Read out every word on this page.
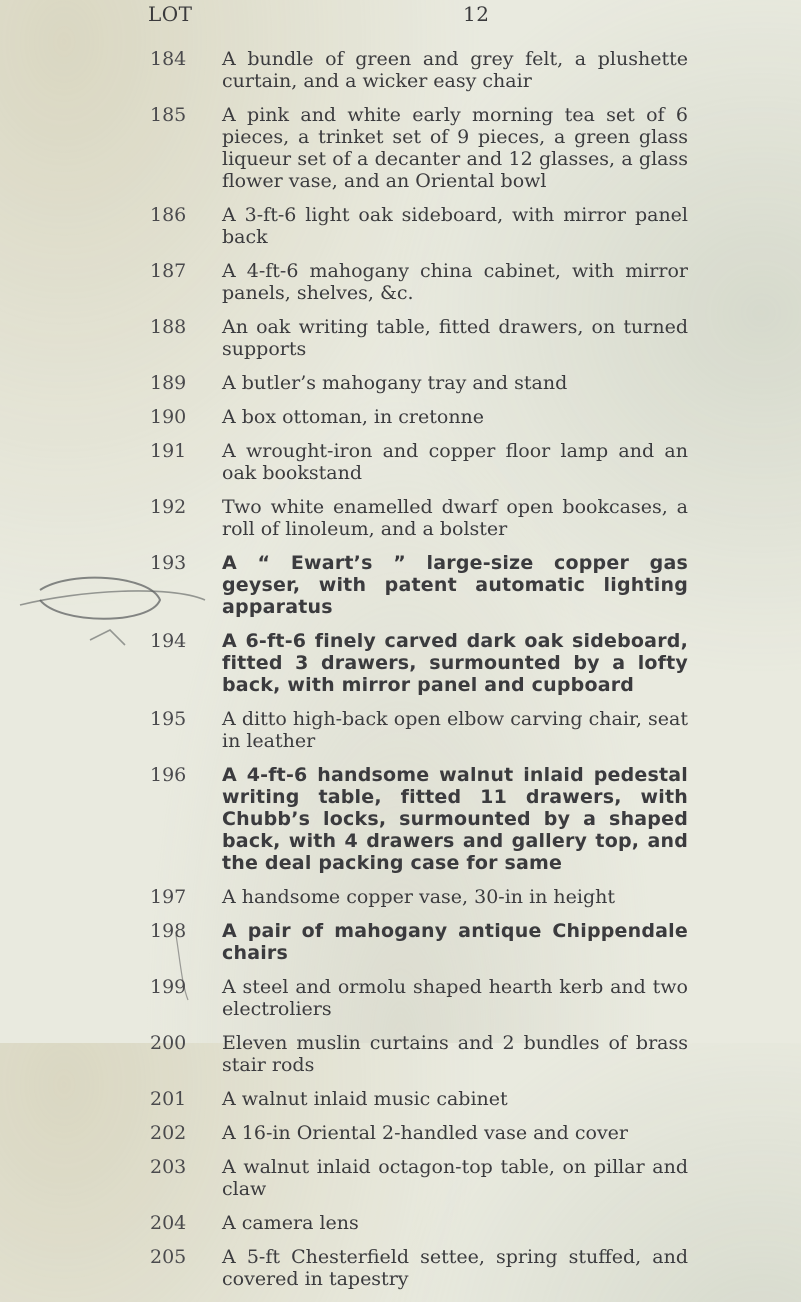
LOT	12
184	A bundle of green and grey felt, a plushette curtain, and a wicker easy chair
185	A pink and white early morning tea set of 6 pieces, a trinket set of 9 pieces, a green glass liqueur set of a decanter and 12 glasses, a glass flower vase, and an Oriental bowl
186	A 3-ft-6 light oak sideboard, with mirror panel back
187	A 4-ft-6 mahogany china cabinet, with mirror panels, shelves, &c.
188	An oak writing table, fitted drawers, on turned supports
189	A butler’s mahogany tray and stand
190	A box ottoman, in cretonne
191	A wrought-iron and copper floor lamp and an oak bookstand
192	Two white enamelled dwarf open bookcases, a roll of linoleum, and a bolster
193	A “ Ewart’s ” large-size copper gas geyser, with patent automatic lighting apparatus
194	A 6-ft-6 finely carved dark oak sideboard, fitted 3 drawers, surmounted by a lofty back, with mirror panel and cupboard
195	A ditto high-back open elbow carving chair, seat in leather
196	A 4-ft-6 handsome walnut inlaid pedestal writing table, fitted 11 drawers, with Chubb’s locks, surmounted by a shaped back, with 4 drawers and gallery top, and the deal packing case for same
197	A handsome copper vase, 30-in in height
198	A pair of mahogany antique Chippendale chairs
199	A steel and ormolu shaped hearth kerb and two electroliers
200	Eleven muslin curtains and 2 bundles of brass stair rods
201	A walnut inlaid music cabinet
202	A 16-in Oriental 2-handled vase and cover
203	A walnut inlaid octagon-top table, on pillar and claw
204	A camera lens
205	A 5-ft Chesterfield settee, spring stuffed, and covered in tapestry
